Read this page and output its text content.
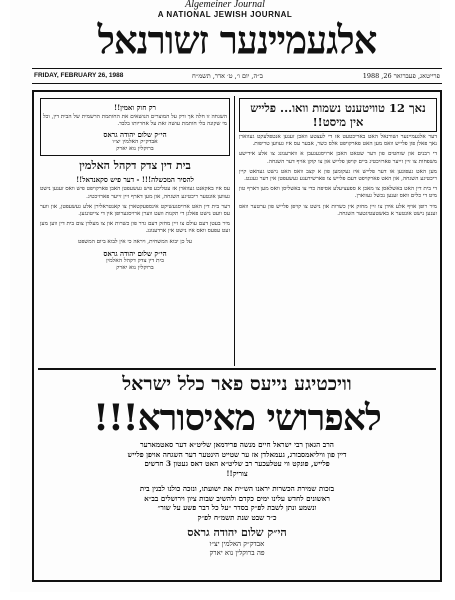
Algemeiner Journal
A NATIONAL JEWISH JOURNAL
אלגעמיינער זשורנאל
FRIDAY, FEBRUARY 26, 1988	ב״ה, יום ו׳, ט׳ אדר, תשמ״ח	פרייטאג, פעברואר 26, 1988
נאך 12 טוויטענט נשמות וואו... פלייש אין מיסט!!

דער אלגעמיינער זשורנאל האט באריכטעט אז די לעצטע וואכן זענען אנטפלעקט געווארן נאך פאלן פון פלייש וואס מען האט פארקויפט אלס כשר, אבער עס איז געווען טריפות.

די רבנים און שוחטים פון דער שטאט האבן ארויסגעגעבן א ווארענונג צו אלע אידישע משפחות צו זיין זייער פארזיכטיג ביים קויפן פלייש און צו קוקן אויף דער השגחה.

מען האט געפונען אז דער פלייש איז געקומען פון א קצב וואס האט נישט געהאט קיין ריכטיגע השגחה, און האט פארקויפט דעם פלייש צו פארשידענע געשעפטן אין דער געגנט.

די בית דין האט באשלאסן צו מאכן א ספעציעלע אסיפה כדי צו באשליסן וואס מען דארף טון מיט די כלים וואס זענען נכשל געווארן.

מיר רופן אויף אלע אידן צו זיין מחזק אין כשרות און נישט צו קויפן פלייש פון ערטער וואס זענען נישט אונטער א באשטעטיגטער השגחה.

רק חוק ואמין!!

השגחה זו חלה אך ורק על המוצרים הנושאים את החותמת הרשמית של הבית דין, וכל מי שקונה בלי חותמת עושה זאת על אחריותו בלבד.

הי״ק שלום יהודה גראס
אבדק״ק האלמין יצ״ו
ברוקלין נוא יארק
בית דין צדק דקהל האלמין
להסיר המכשלה!!! - דער פיש סקאנדאל!!

עס איז באקאנט געווארן אז עטליכע פיש געשעפטן האבן פארקויפט פיש וואס זענען נישט געווען אונטער ריכטיגע השגחה, און מען דארף זיין זייער פארזיכטיג.

דער בית דין האט ארויסגעשיקט אינספעקטארן צו קאנטראלירן אלע געשעפטן, און ווער עס וועט נישט פאלגן די תקנות וועט ווערן ארויסגערופן אין די צייטונגען.

מיר בעטן דעם עולם צו זיין מחזק דעם גדר פון כשרות און צו מעלדן צום בית דין ווען מען זעט עפעס וואס איז נישט אין ארדענונג.

על כן יבוא המשחית, ויראה כי אין לבוא ביום המשפט

הי״ק שלום יהודה גראס
בית דין צדק דקהל האלמין
ברוקלין נוא יארק
וויכטיגע נייעס פאר כלל ישראל
לאפרושי מאיסורא!!!
הרב הגאון רבי ישראל חיים מנשה פרידמאן שליט״א דער סאטמארער
דיין פון וויליאמסבורג, געמאלדן אז ער שטייט הינטער דער השגחה אויפן פלייש
פלייש, פונקט ווי עטלעכער רב שליט״א האט דאס געטון 3 חדשים
צוריק!!
בזכות שמירת הכשרות יראנו הש״ית את ישועתו, ונזכה כולנו לבנין בית
ראשונים לחדש עלינו ימים כקדם ולהשיב שבות ציון וירושלים בב״א
ונשמע ונתן לשבת לפ״ק בסדר ״על כל דבר פשע על שור״
כ״ד שבט שנת תשמ״ח לפ״ק
הי״ק שלום יהודה גראס
אבדק״ק האלמין יצ״ו
פה ברוקלין נוא יארק
